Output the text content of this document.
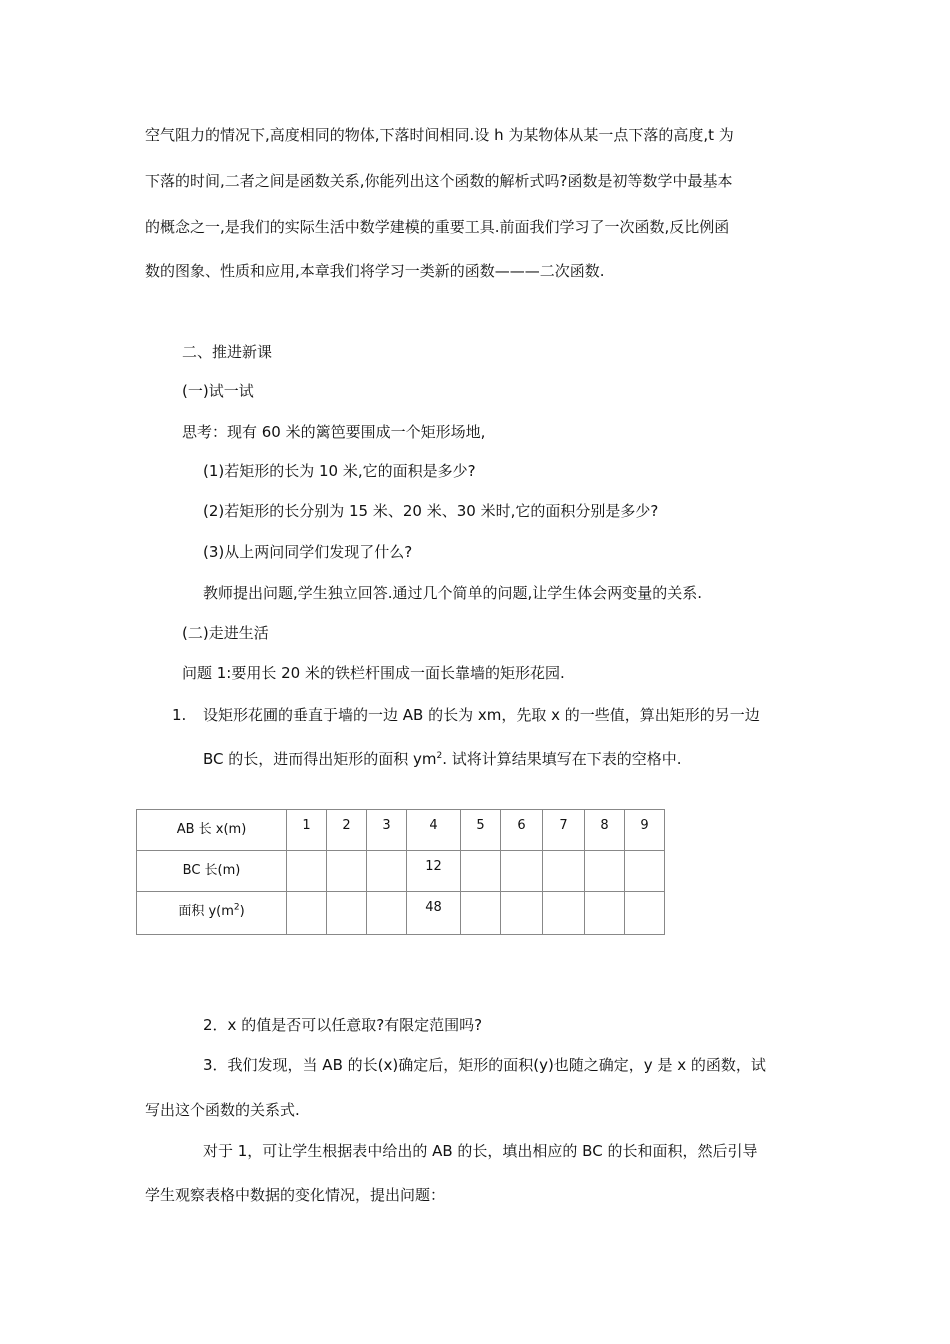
空气阻力的情况下,高度相同的物体,下落时间相同.设 h 为某物体从某一点下落的高度,t 为
下落的时间,二者之间是函数关系,你能列出这个函数的解析式吗?函数是初等数学中最基本
的概念之一,是我们的实际生活中数学建模的重要工具.前面我们学习了一次函数,反比例函
数的图象、性质和应用,本章我们将学习一类新的函数———二次函数.
二、推进新课
(一)试一试
思考：现有 60 米的篱笆要围成一个矩形场地,
(1)若矩形的长为 10 米,它的面积是多少?
(2)若矩形的长分别为 15 米、20 米、30 米时,它的面积分别是多少?
(3)从上两问同学们发现了什么?
教师提出问题,学生独立回答.通过几个简单的问题,让学生体会两变量的关系.
(二)走进生活
问题 1:要用长 20 米的铁栏杆围成一面长靠墙的矩形花园.
1. 设矩形花圃的垂直于墙的一边 AB 的长为 xm，先取 x 的一些值，算出矩形的另一边
BC 的长，进而得出矩形的面积 $ym^2$. 试将计算结果填写在下表的空格中.
AB 长 x(m)	1	2	3	4	5	6	7	8	9
BC 长(m)				12					
面积 $y(m^2)$				48					
2．x 的值是否可以任意取?有限定范围吗?
3．我们发现，当 AB 的长(x)确定后，矩形的面积(y)也随之确定，y 是 x 的函数，试
写出这个函数的关系式.
对于 1，可让学生根据表中给出的 AB 的长，填出相应的 BC 的长和面积，然后引导
学生观察表格中数据的变化情况，提出问题：
